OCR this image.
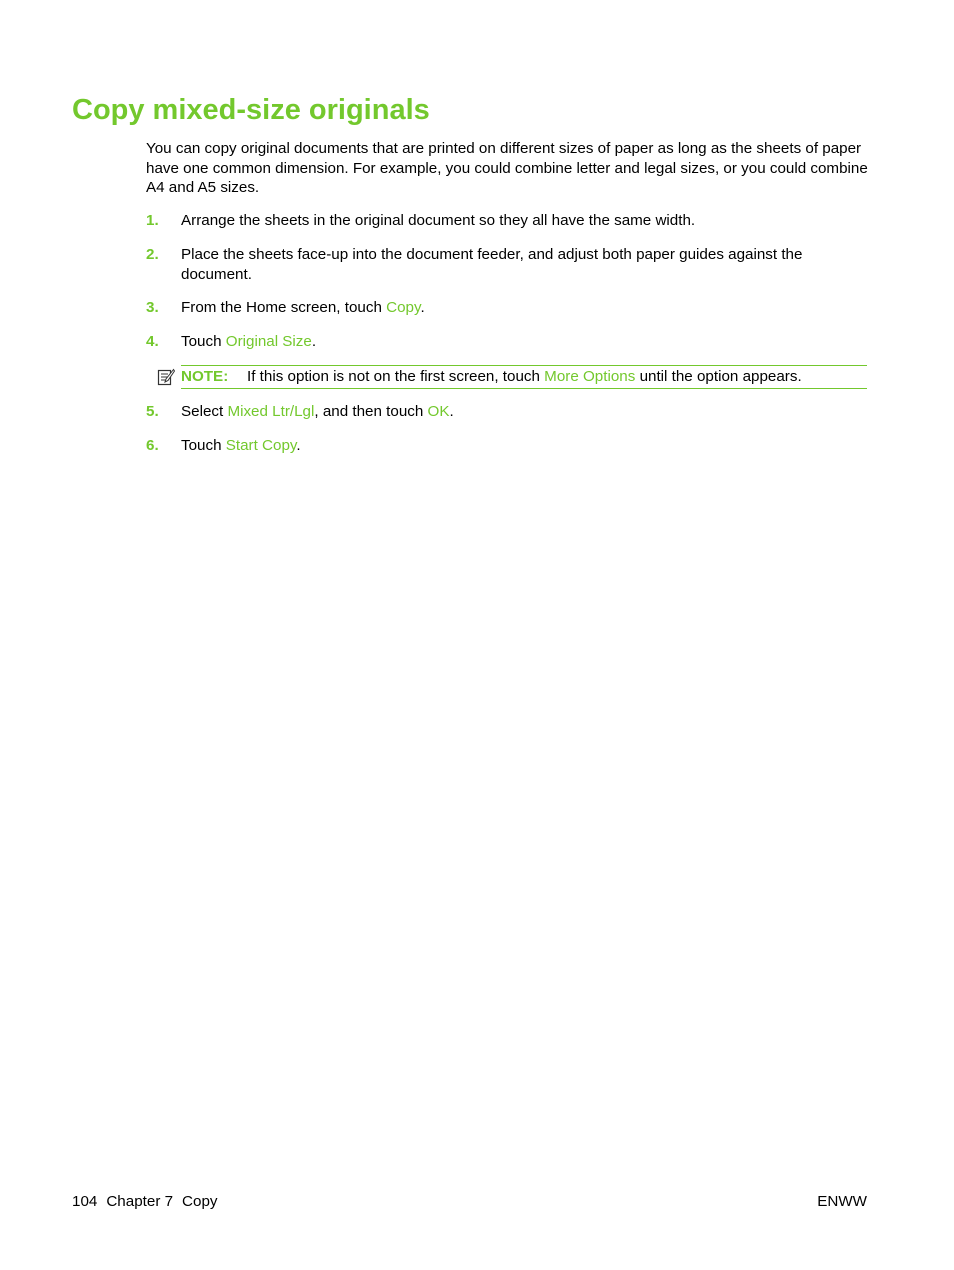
Copy mixed-size originals

You can copy original documents that are printed on different sizes of paper as long as the sheets of paper have one common dimension. For example, you could combine letter and legal sizes, or you could combine A4 and A5 sizes.

1. Arrange the sheets in the original document so they all have the same width.
2. Place the sheets face-up into the document feeder, and adjust both paper guides against the document.
3. From the Home screen, touch Copy.
4. Touch Original Size.
NOTE: If this option is not on the first screen, touch More Options until the option appears.
5. Select Mixed Ltr/Lgl, and then touch OK.
6. Touch Start Copy.
104 Chapter 7 Copy	ENWW
